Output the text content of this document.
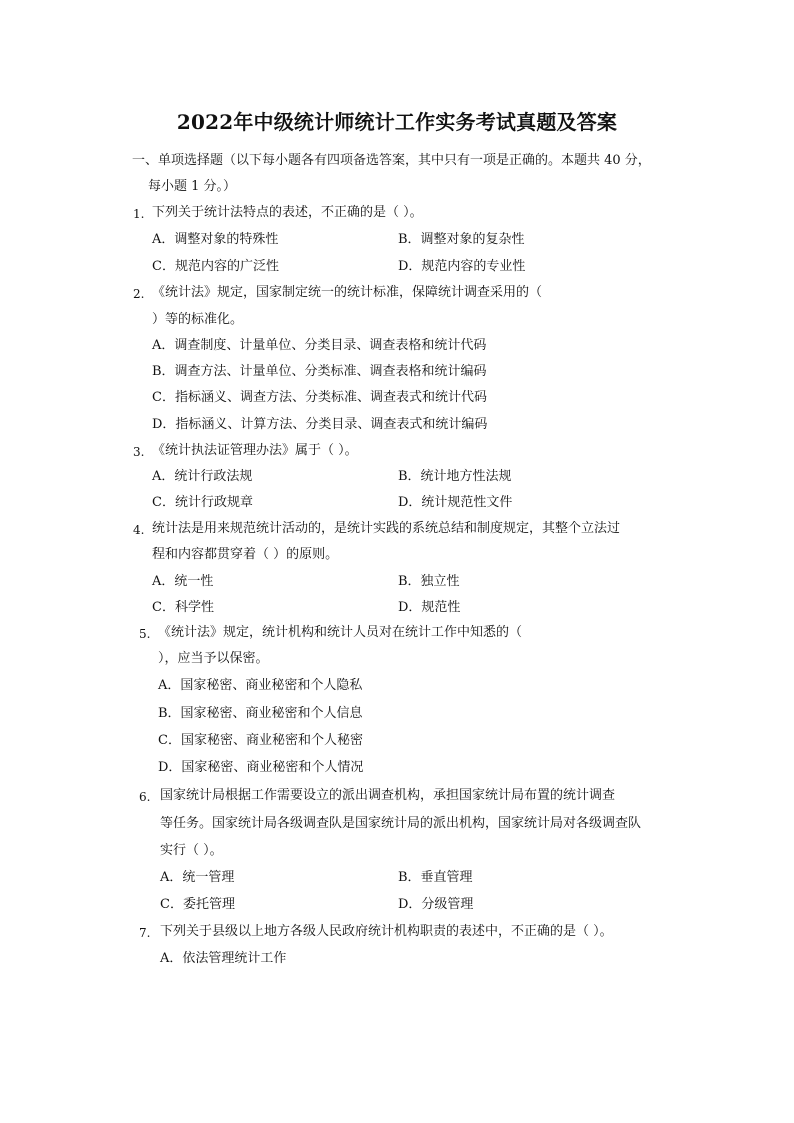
2022年中级统计师统计工作实务考试真题及答案
一、单项选择题（以下每小题各有四项备选答案，其中只有一项是正确的。本题共 40 分，
每小题 1 分。）
1. 下列关于统计法特点的表述，不正确的是（ ）。
A．调整对象的特殊性	B．调整对象的复杂性
C．规范内容的广泛性	D．规范内容的专业性
2. 《统计法》规定，国家制定统一的统计标准，保障统计调查采用的（
）等的标准化。
A．调查制度、计量单位、分类目录、调查表格和统计代码
B．调查方法、计量单位、分类标准、调查表格和统计编码
C．指标涵义、调查方法、分类标准、调查表式和统计代码
D．指标涵义、计算方法、分类目录、调查表式和统计编码
3. 《统计执法证管理办法》属于（ ）。
A．统计行政法规	B．统计地方性法规
C．统计行政规章	D．统计规范性文件
4. 统计法是用来规范统计活动的，是统计实践的系统总结和制度规定，其整个立法过
程和内容都贯穿着（ ）的原则。
A．统一性	B．独立性
C．科学性	D．规范性
5. 《统计法》规定，统计机构和统计人员对在统计工作中知悉的（
），应当予以保密。
A．国家秘密、商业秘密和个人隐私
B．国家秘密、商业秘密和个人信息
C．国家秘密、商业秘密和个人秘密
D．国家秘密、商业秘密和个人情况
6. 国家统计局根据工作需要设立的派出调查机构，承担国家统计局布置的统计调查
等任务。国家统计局各级调查队是国家统计局的派出机构，国家统计局对各级调查队
实行（ ）。
A．统一管理	B．垂直管理
C．委托管理	D．分级管理
7. 下列关于县级以上地方各级人民政府统计机构职责的表述中，不正确的是（ ）。
A．依法管理统计工作
